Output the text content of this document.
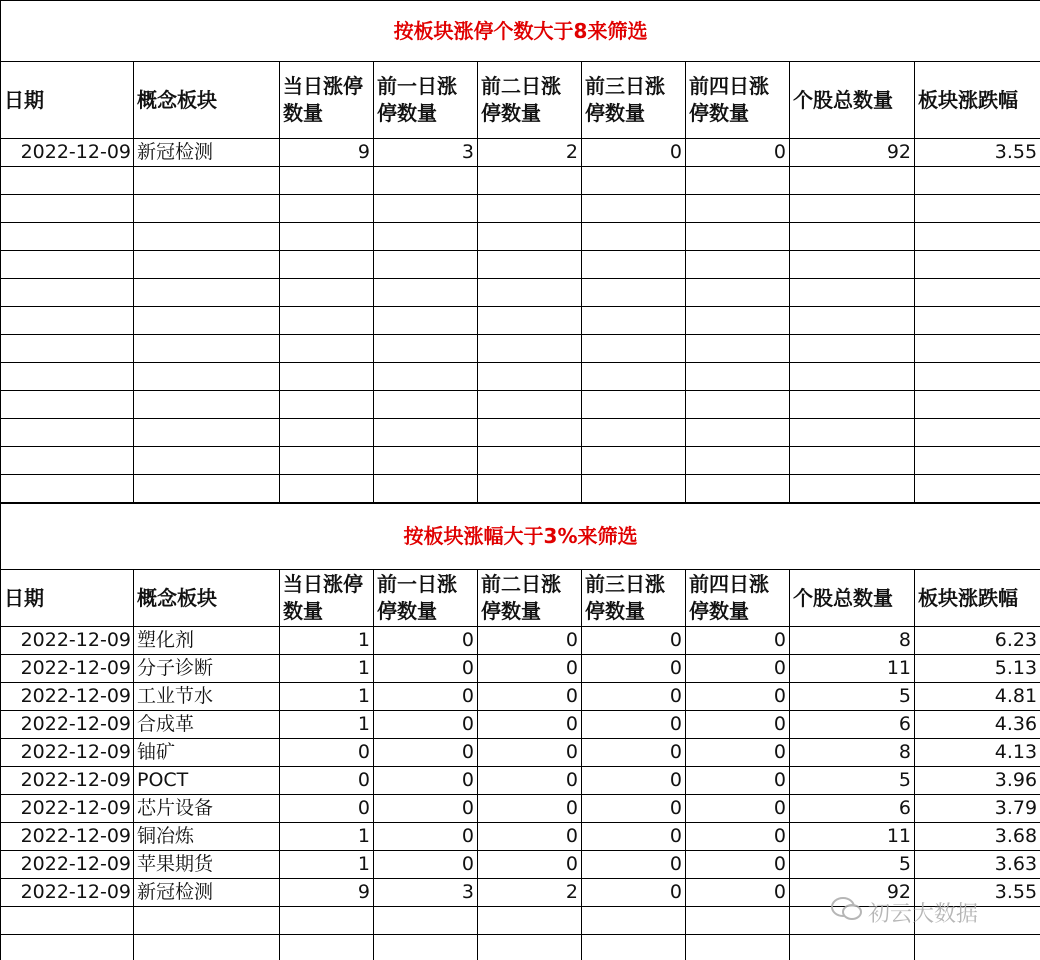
按板块涨停个数大于8来筛选								
日期	概念板块	当日涨停数量	前一日涨停数量	前二日涨停数量	前三日涨停数量	前四日涨停数量	个股总数量	板块涨跌幅
2022-12-09	新冠检测	9	3	2	0	0	92	3.55

按板块涨幅大于3%来筛选								
日期	概念板块	当日涨停数量	前一日涨停数量	前二日涨停数量	前三日涨停数量	前四日涨停数量	个股总数量	板块涨跌幅
2022-12-09	塑化剂	1	0	0	0	0	8	6.23
2022-12-09	分子诊断	1	0	0	0	0	11	5.13
2022-12-09	工业节水	1	0	0	0	0	5	4.81
2022-12-09	合成革	1	0	0	0	0	6	4.36
2022-12-09	铀矿	0	0	0	0	0	8	4.13
2022-12-09	POCT	0	0	0	0	0	5	3.96
2022-12-09	芯片设备	0	0	0	0	0	6	3.79
2022-12-09	铜冶炼	1	0	0	0	0	11	3.68
2022-12-09	苹果期货	1	0	0	0	0	5	3.63
2022-12-09	新冠检测	9	3	2	0	0	92	3.55

初云大数据
